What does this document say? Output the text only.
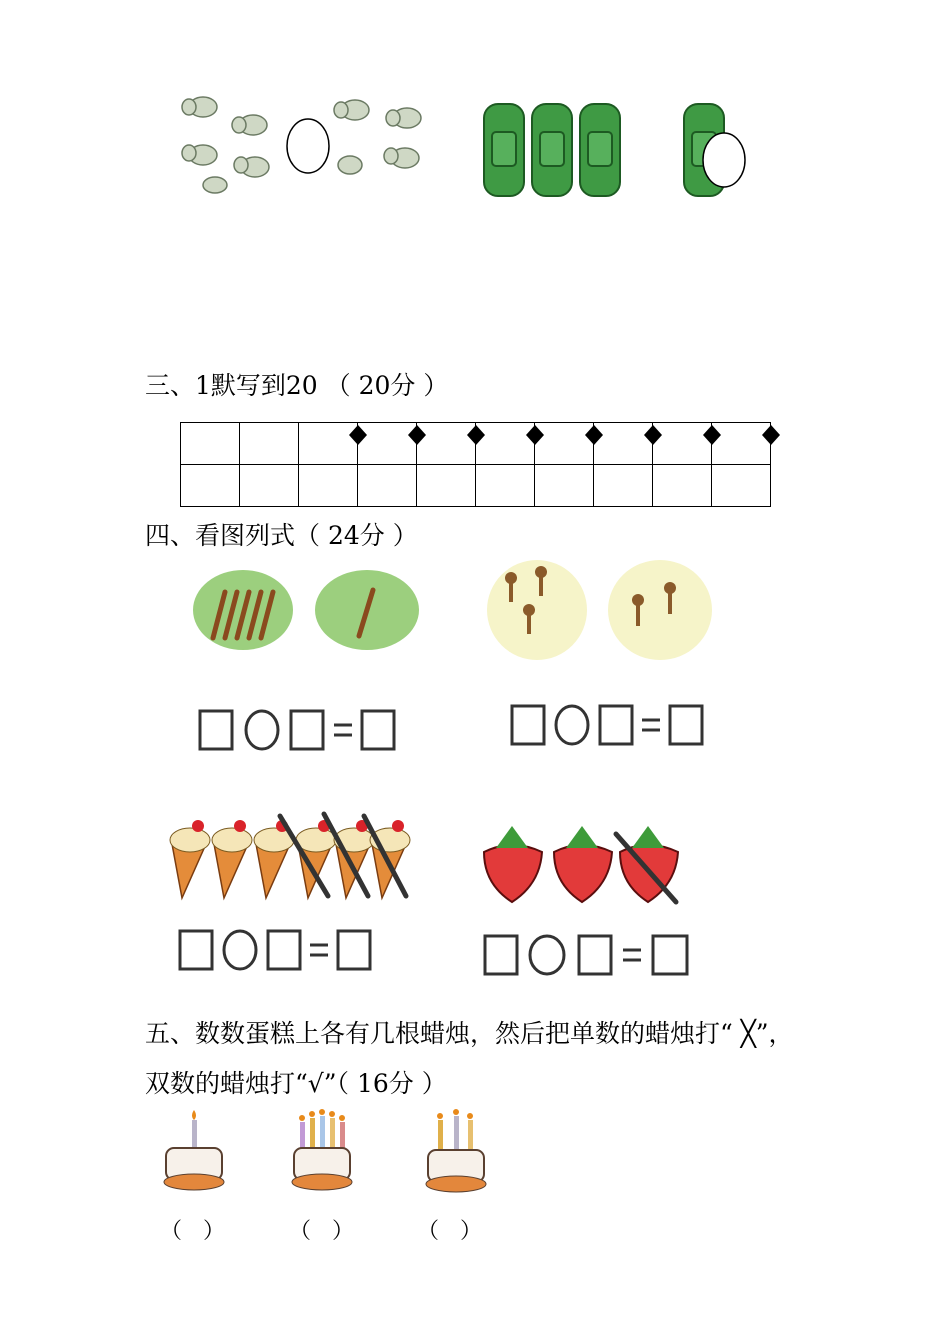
三、1默写到20 （ 20分 ）

四、看图列式（ 24分 ）
五、数数蛋糕上各有几根蜡烛，然后把单数的蜡烛打“ ╳”，
双数的蜡烛打“√”（ 16分 ）
（   ）	（   ）	（   ）
